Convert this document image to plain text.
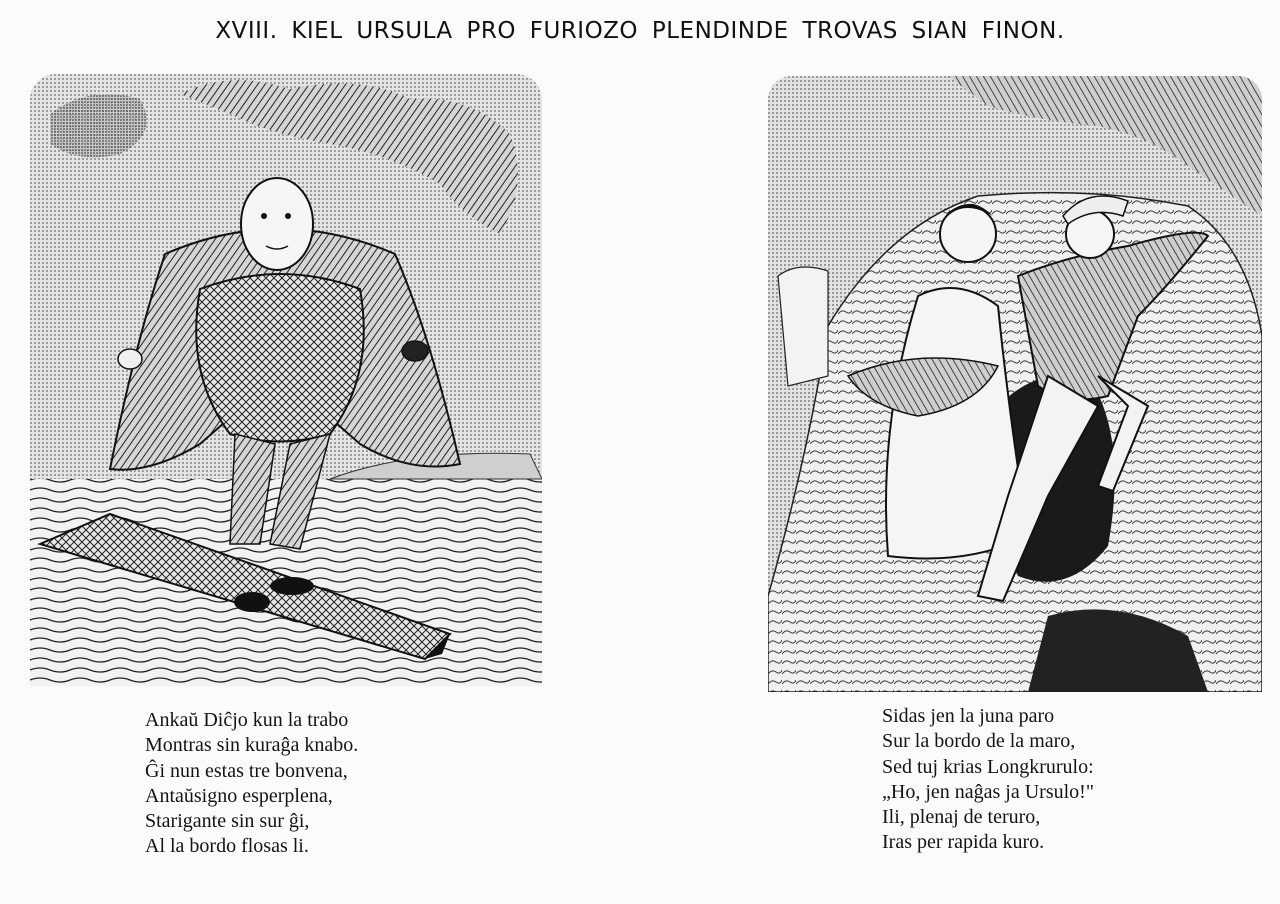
XVIII. KIEL URSULA PRO FURIOZO PLENDINDE TROVAS SIAN FINON.
Ankaŭ Diĉjo kun la trabo
Montras sin kuraĝa knabo.
Ĝi nun estas tre bonvena,
Antaŭsigno esperplena,
Starigante sin sur ĝi,
Al la bordo flosas li.
Sidas jen la juna paro
Sur la bordo de la maro,
Sed tuj krias Longkrurulo:
„Ho, jen naĝas ja Ursulo!"
Ili, plenaj de teruro,
Iras per rapida kuro.
